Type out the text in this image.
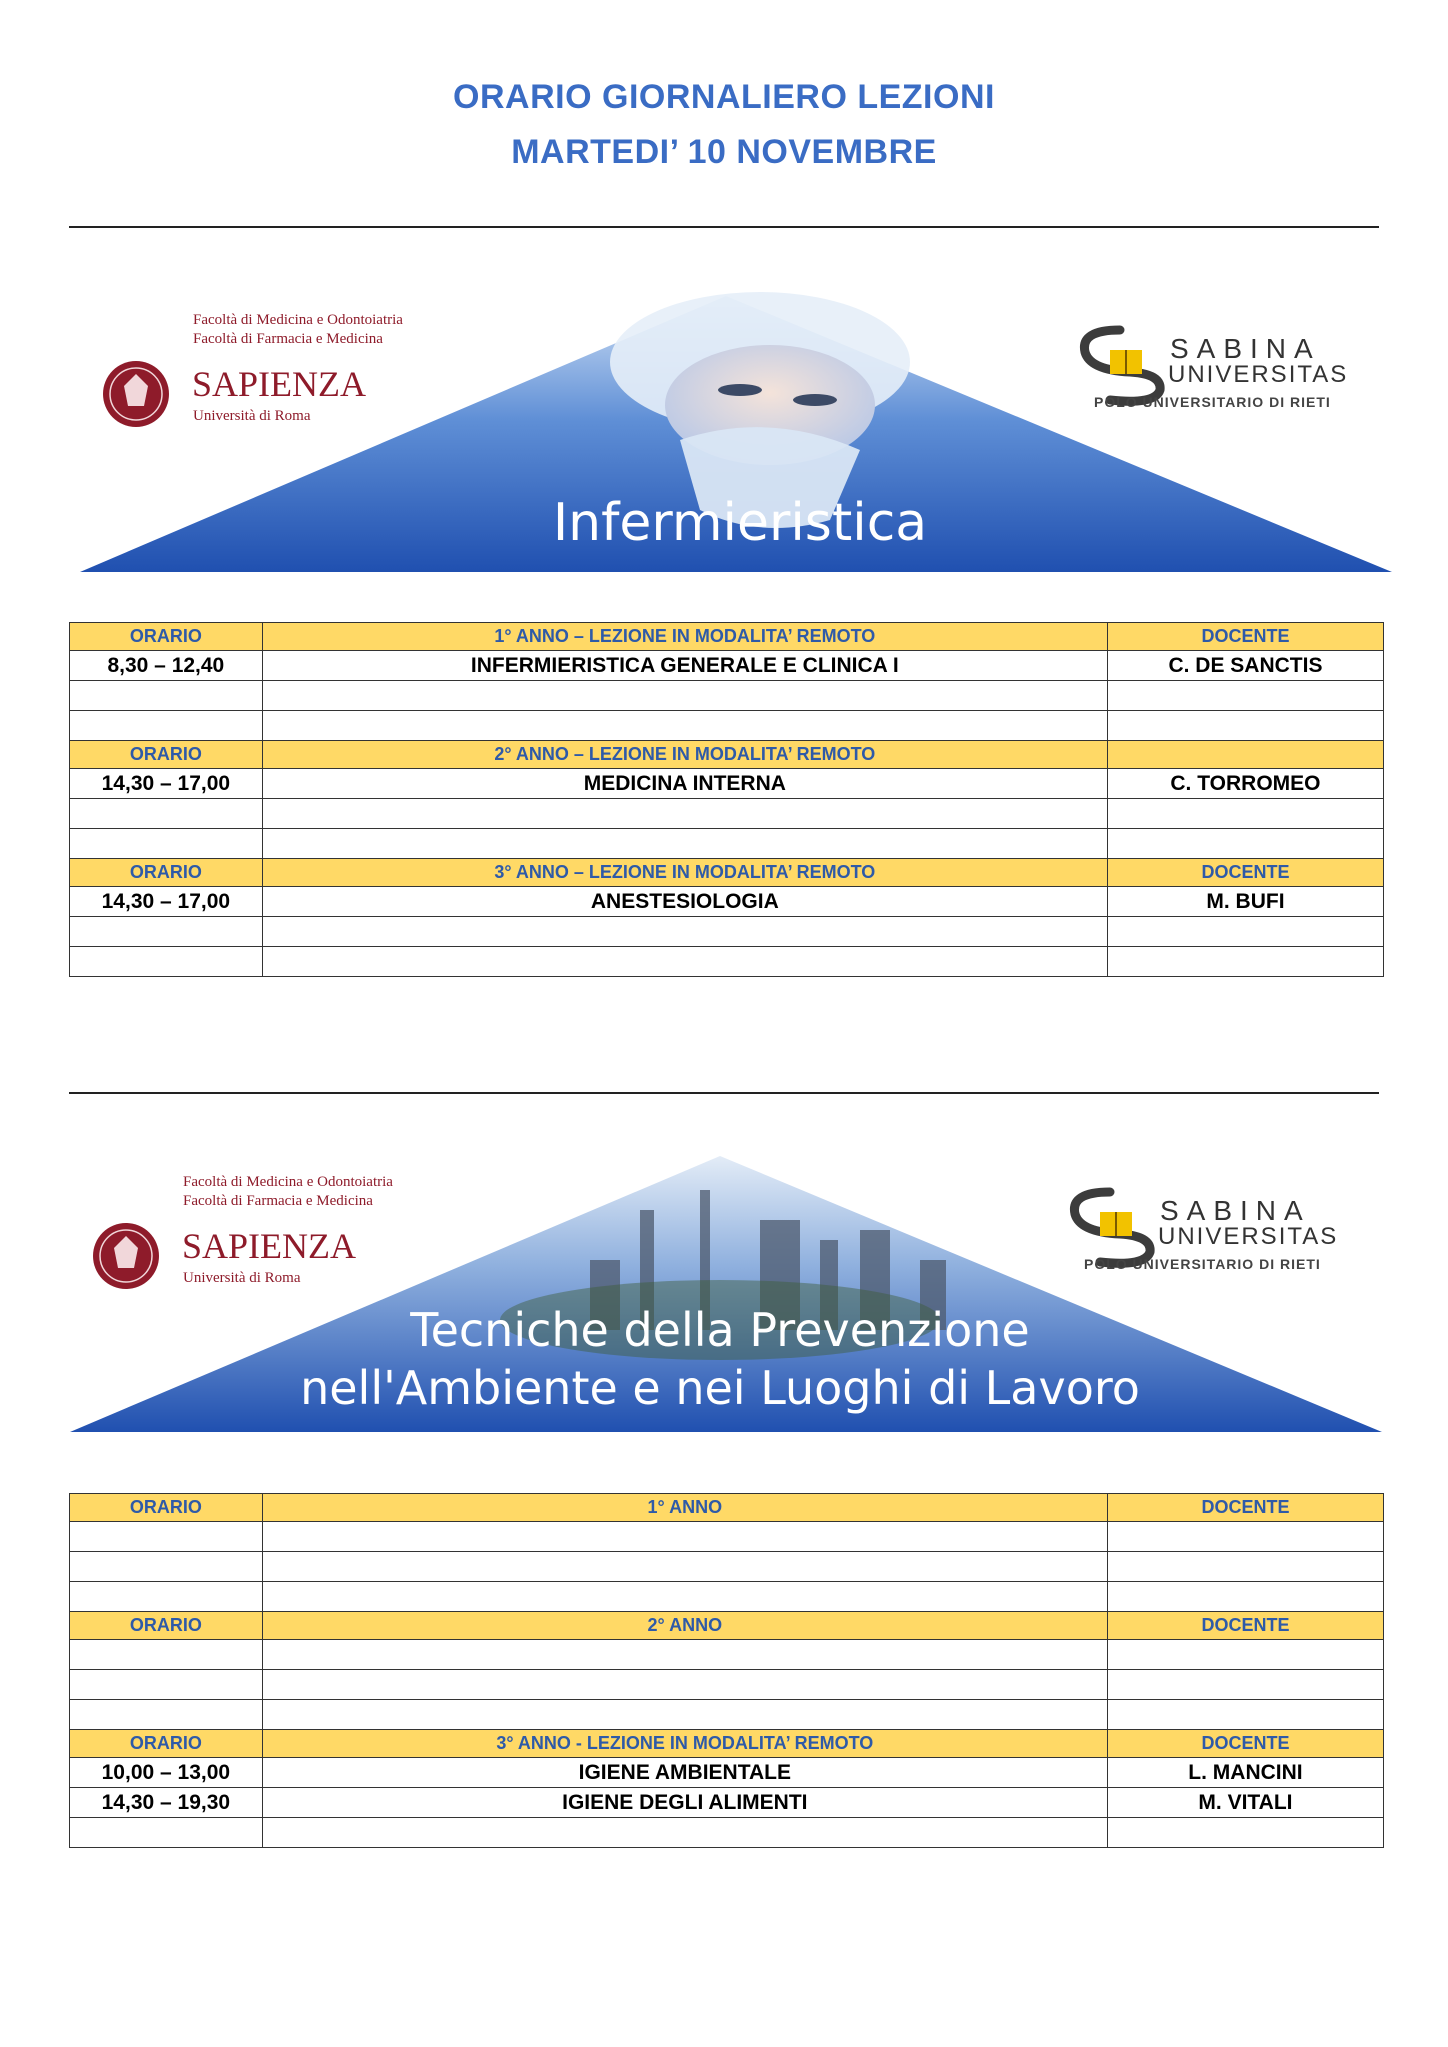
ORARIO GIORNALIERO LEZIONI
MARTEDI’ 10 NOVEMBRE
Infermieristica
Facoltà di Medicina e Odontoiatria
Facoltà di Farmacia e Medicina
SAPIENZA
Università di Roma
SABINA
UNIVERSITAS
POLO UNIVERSITARIO DI RIETI
ORARIO	1° ANNO – LEZIONE IN MODALITA’ REMOTO	DOCENTE
8,30 – 12,40	INFERMIERISTICA GENERALE E CLINICA I	C. DE SANCTIS

ORARIO	2° ANNO – LEZIONE IN MODALITA’ REMOTO	
14,30 – 17,00	MEDICINA INTERNA	C. TORROMEO

ORARIO	3° ANNO – LEZIONE IN MODALITA’ REMOTO	DOCENTE
14,30 – 17,00	ANESTESIOLOGIA	M. BUFI

Tecniche della Prevenzione
nell'Ambiente e nei Luoghi di Lavoro
Facoltà di Medicina e Odontoiatria
Facoltà di Farmacia e Medicina
SAPIENZA
Università di Roma
SABINA
UNIVERSITAS
POLO UNIVERSITARIO DI RIETI
ORARIO	1° ANNO	DOCENTE

ORARIO	2° ANNO	DOCENTE

ORARIO	3° ANNO - LEZIONE IN MODALITA’ REMOTO	DOCENTE
10,00 – 13,00	IGIENE AMBIENTALE	L. MANCINI
14,30 – 19,30	IGIENE DEGLI ALIMENTI	M. VITALI
